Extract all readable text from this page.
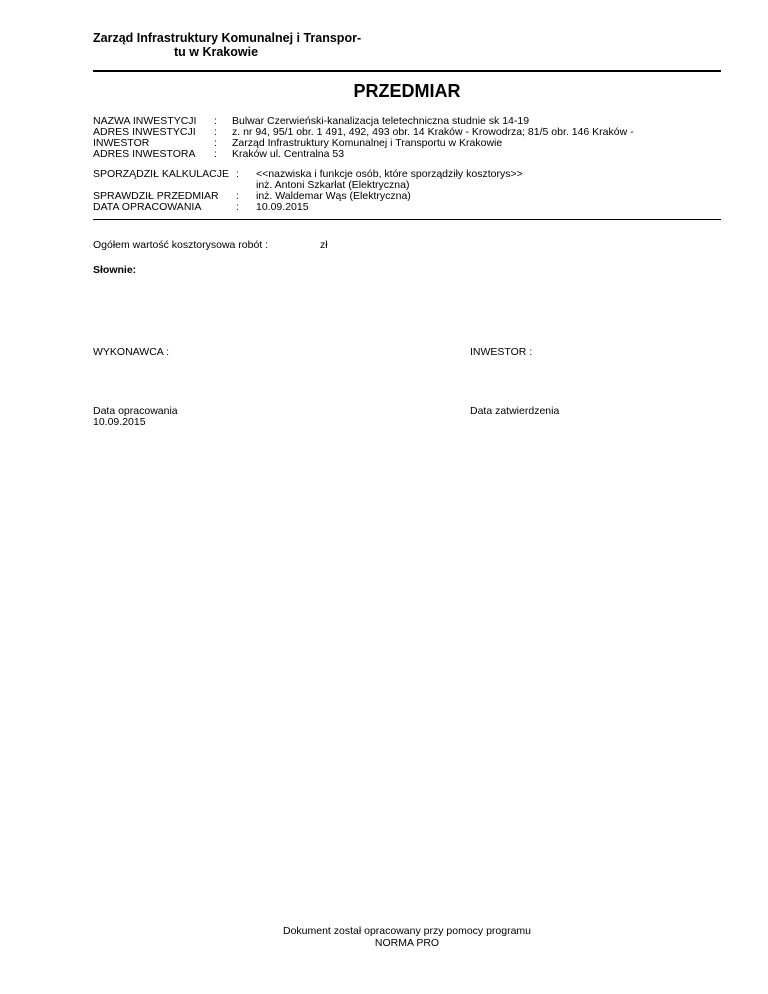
Zarząd Infrastruktury Komunalnej i Transpor-
tu w Krakowie
PRZEDMIAR
NAZWA INWESTYCJI : Bulwar Czerwieński-kanalizacja teletechniczna studnie sk 14-19
ADRES INWESTYCJI : z. nr 94, 95/1 obr. 1 491, 492, 493 obr. 14 Kraków - Krowodrza; 81/5 obr. 146 Kraków -
INWESTOR	: Zarząd Infrastruktury Komunalnej i Transportu w Krakowie
ADRES INWESTORA : Kraków ul. Centralna 53
SPORZĄDZIŁ KALKULACJE : <<nazwiska i funkcje osób, które sporządziły kosztorys>>
inż. Antoni Szkarłat (Elektryczna)
SPRAWDZIŁ PRZEDMIAR : inż. Waldemar Wąs (Elektryczna)
DATA OPRACOWANIA	: 10.09.2015
Ogółem wartość kosztorysowa robót :	zł
Słownie:
WYKONAWCA :	INWESTOR :
Data opracowania
10.09.2015
Data zatwierdzenia
Dokument został opracowany przy pomocy programu
NORMA PRO
